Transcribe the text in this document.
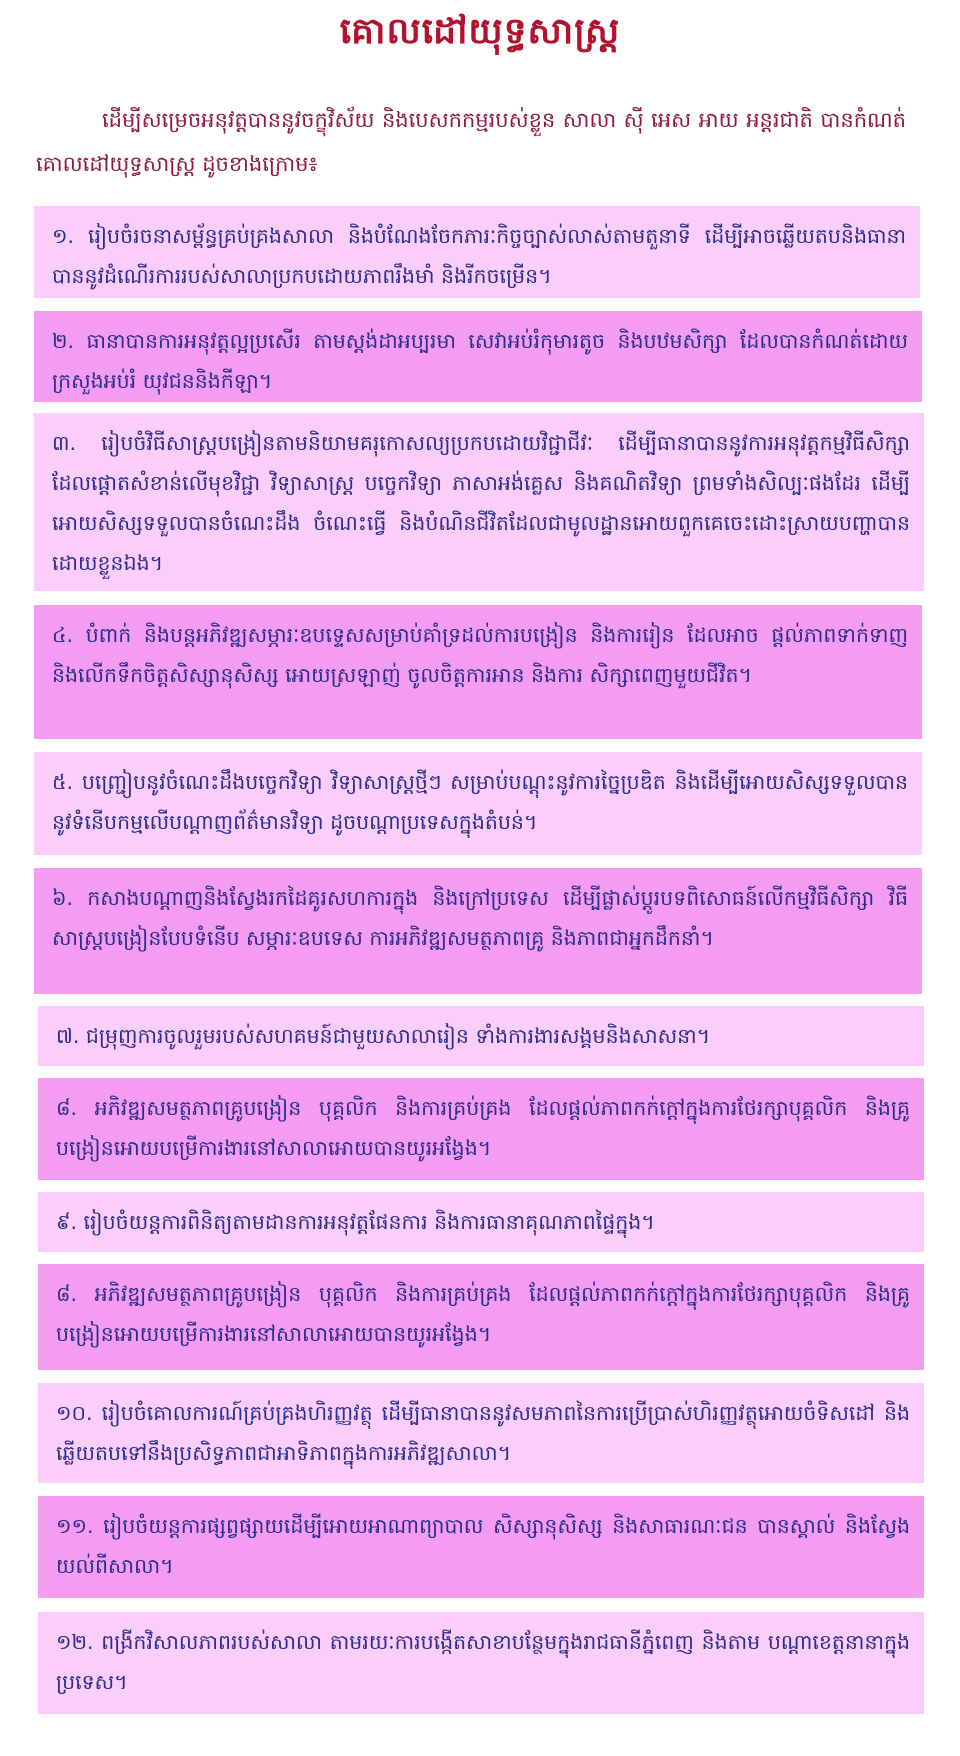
គោលដៅយុទ្ធសាស្ត្រ
ដើម្បីសម្រេចអនុវត្តបាននូវចក្ខុវិស័យ និងបេសកកម្មរបស់ខ្លួន សាលា ស៊ី អេស អាយ អន្តរជាតិ បានកំណត់គោលដៅយុទ្ធសាស្ត្រ ដូចខាងក្រោម៖
១. រៀបចំរចនាសម្ព័ន្ធគ្រប់គ្រងសាលា និងបំណែងចែកភារៈកិច្ចច្បាស់លាស់តាមតួនាទី ដើម្បីអាចឆ្លើយតបនិងធានាបាននូវដំណើរការរបស់សាលាប្រកបដោយភាពរឹងមាំ និងរីកចម្រើន។
២. ធានាបានការអនុវត្តល្អប្រសើរ តាមស្តង់ដាអប្បរមា សេវាអប់រំកុមារតូច និងបឋមសិក្សា ដែលបានកំណត់ដោយក្រសួងអប់រំ យុវជននិងកីឡា។
៣. រៀបចំវិធីសាស្ត្របង្រៀនតាមនិយាមគរុកោសល្យប្រកបដោយវិជ្ជាជីវៈ ដើម្បីធានាបាននូវការអនុវត្តកម្មវិធីសិក្សាដែលផ្តោតសំខាន់លើមុខវិជ្ជា វិទ្យាសាស្ត្រ បច្ចេកវិទ្យា ភាសាអង់គ្លេស និងគណិតវិទ្យា ព្រមទាំងសិល្បៈផងដែរ ដើម្បីអោយសិស្សទទួលបានចំណេះដឹង ចំណេះធ្វើ និងបំណិនជីវិតដែលជាមូលដ្ឋានអោយពួកគេចេះដោះស្រាយបញ្ហាបានដោយខ្លួនឯង។
៤. បំពាក់ និងបន្តអភិវឌ្ឍសម្ភារៈឧបទ្ទេសសម្រាប់គាំទ្រដល់ការបង្រៀន និងការរៀន ដែលអាច ផ្តល់ភាពទាក់ទាញ និងលើកទឹកចិត្តសិស្សានុសិស្ស អោយស្រឡាញ់ ចូលចិត្តការអាន និងការ សិក្សាពេញមួយជីវិត។
៥. បញ្ជ្រៀបនូវចំណេះដឹងបច្ចេកវិទ្យា វិទ្យាសាស្ត្រថ្មីៗ សម្រាប់បណ្តុះនូវការច្នៃប្រឌិត និងដើម្បីអោយសិស្សទទួលបាននូវទំនើបកម្មលើបណ្តាញព័ត៌មានវិទ្យា ដូចបណ្តាប្រទេសក្នុងតំបន់។
៦. កសាងបណ្តាញនិងស្វែងរកដៃគូរសហការក្នុង និងក្រៅប្រទេស ដើម្បីផ្លាស់ប្តូរបទពិសោធន៍លើកម្មវិធីសិក្សា វិធីសាស្ត្របង្រៀនបែបទំនើប សម្ភារៈឧបទេស ការអភិវឌ្ឍសមត្ថភាពគ្រូ និងភាពជាអ្នកដឹកនាំ។
៧. ជម្រុញការចូលរួមរបស់សហគមន៍ជាមួយសាលារៀន ទាំងការងារសង្គមនិងសាសនា។
៨. អភិវឌ្ឍសមត្ថភាពគ្រូបង្រៀន បុគ្គលិក និងការគ្រប់គ្រង ដែលផ្តល់ភាពកក់ក្តៅក្នុងការថែរក្សាបុគ្គលិក និងគ្រូបង្រៀនអោយបម្រើការងារនៅសាលាអោយបានយូរអង្វែង។
៩. រៀបចំយន្តការពិនិត្យតាមដានការអនុវត្តផែនការ និងការធានាគុណភាពផ្ទៃក្នុង។
៨. អភិវឌ្ឍសមត្ថភាពគ្រូបង្រៀន បុគ្គលិក និងការគ្រប់គ្រង ដែលផ្តល់ភាពកក់ក្តៅក្នុងការថែរក្សាបុគ្គលិក និងគ្រូបង្រៀនអោយបម្រើការងារនៅសាលាអោយបានយូរអង្វែង។
១០. រៀបចំគោលការណ៍គ្រប់គ្រងហិរញ្ញវត្ថុ ដើម្បីធានាបាននូវសមភាពនៃការប្រើប្រាស់ហិរញ្ញវត្ថុអោយចំទិសដៅ និងឆ្លើយតបទៅនឹងប្រសិទ្ធភាពជាអាទិភាពក្នុងការអភិវឌ្ឍសាលា។
១១. រៀបចំយន្តការផ្សព្វផ្សាយដើម្បីអោយអាណាព្យាបាល សិស្សានុសិស្ស និងសាធារណៈជន បានស្គាល់ និងស្វែងយល់ពីសាលា។
១២. ពង្រីកវិសាលភាពរបស់សាលា តាមរយៈការបង្កើតសាខាបន្ថែមក្នុងរាជធានីភ្នំពេញ និងតាម បណ្តាខេត្តនានាក្នុងប្រទេស។
